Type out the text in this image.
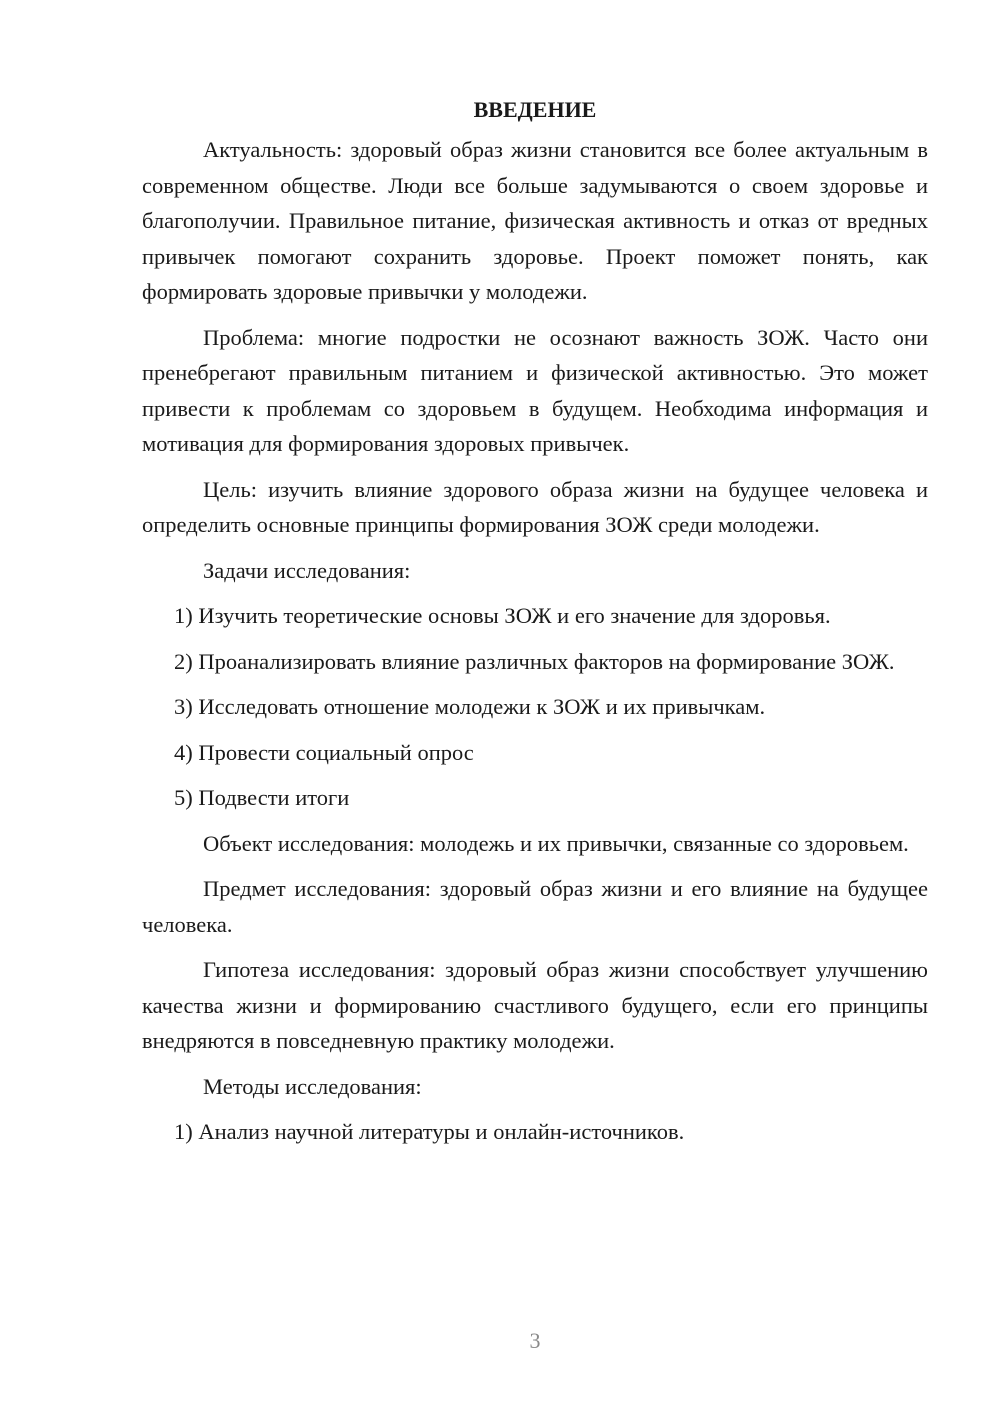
ВВЕДЕНИЕ

Актуальность: здоровый образ жизни становится все более актуальным в современном обществе. Люди все больше задумываются о своем здоровье и благополучии. Правильное питание, физическая активность и отказ от вредных привычек помогают сохранить здоровье. Проект поможет понять, как формировать здоровые привычки у молодежи.

Проблема: многие подростки не осознают важность ЗОЖ. Часто они пренебрегают правильным питанием и физической активностью. Это может привести к проблемам со здоровьем в будущем. Необходима информация и мотивация для формирования здоровых привычек.

Цель: изучить влияние здорового образа жизни на будущее человека и определить основные принципы формирования ЗОЖ среди молодежи.

Задачи исследования:

1) Изучить теоретические основы ЗОЖ и его значение для здоровья.
2) Проанализировать влияние различных факторов на формирование ЗОЖ.
3) Исследовать отношение молодежи к ЗОЖ и их привычкам.
4) Провести социальный опрос
5) Подвести итоги

Объект исследования: молодежь и их привычки, связанные со здоровьем.

Предмет исследования: здоровый образ жизни и его влияние на будущее человека.

Гипотеза исследования: здоровый образ жизни способствует улучшению качества жизни и формированию счастливого будущего, если его принципы внедряются в повседневную практику молодежи.

Методы исследования:

1) Анализ научной литературы и онлайн-источников.
3
